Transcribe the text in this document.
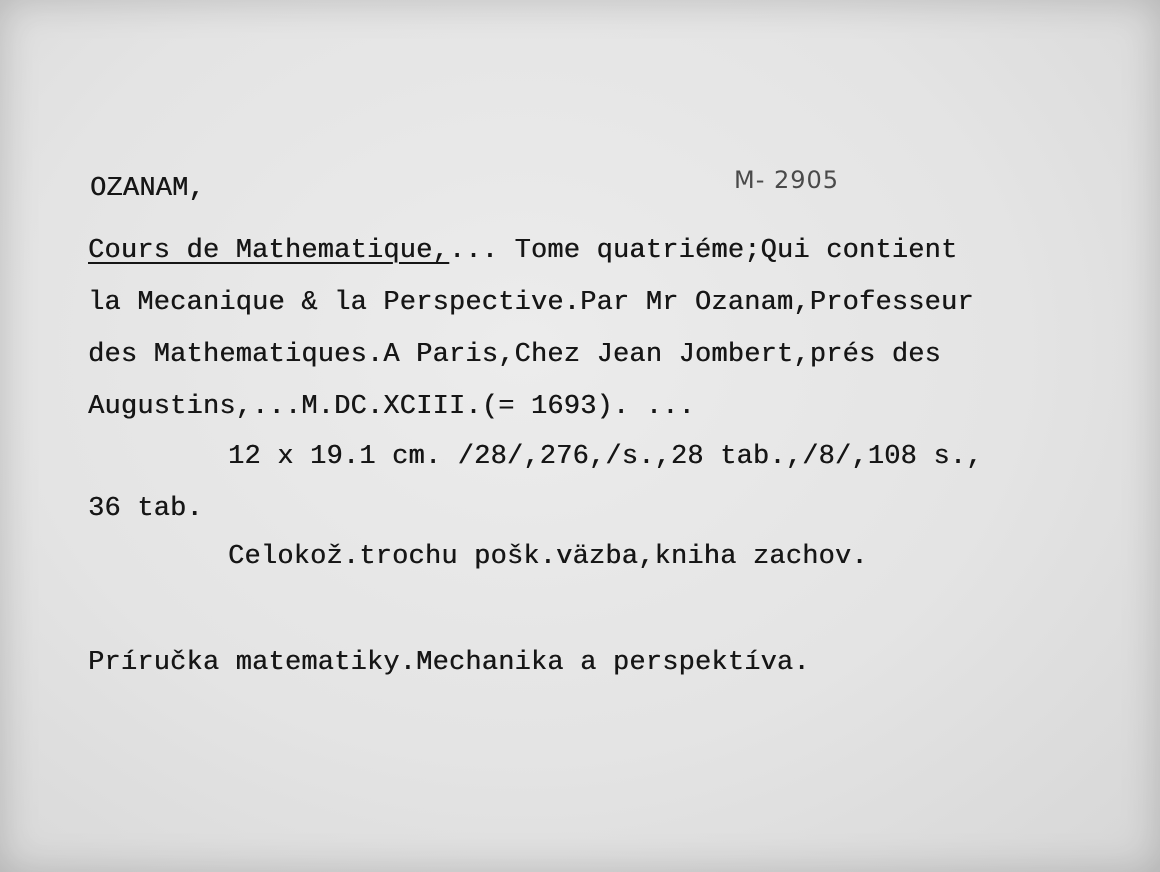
OZANAM,	M- 2905
Cours de Mathematique,... Tome quatriéme;Qui contient
la Mecanique & la Perspective.Par Mr Ozanam,Professeur
des Mathematiques.A Paris,Chez Jean Jombert,prés des
Augustins,...M.DC.XCIII.(= 1693). ...
12 x 19.1 cm. /28/,276,/s.,28 tab.,/8/,108 s.,
36 tab.
Celokož.trochu pošk.väzba,kniha zachov.
Príručka matematiky.Mechanika a perspektíva.
